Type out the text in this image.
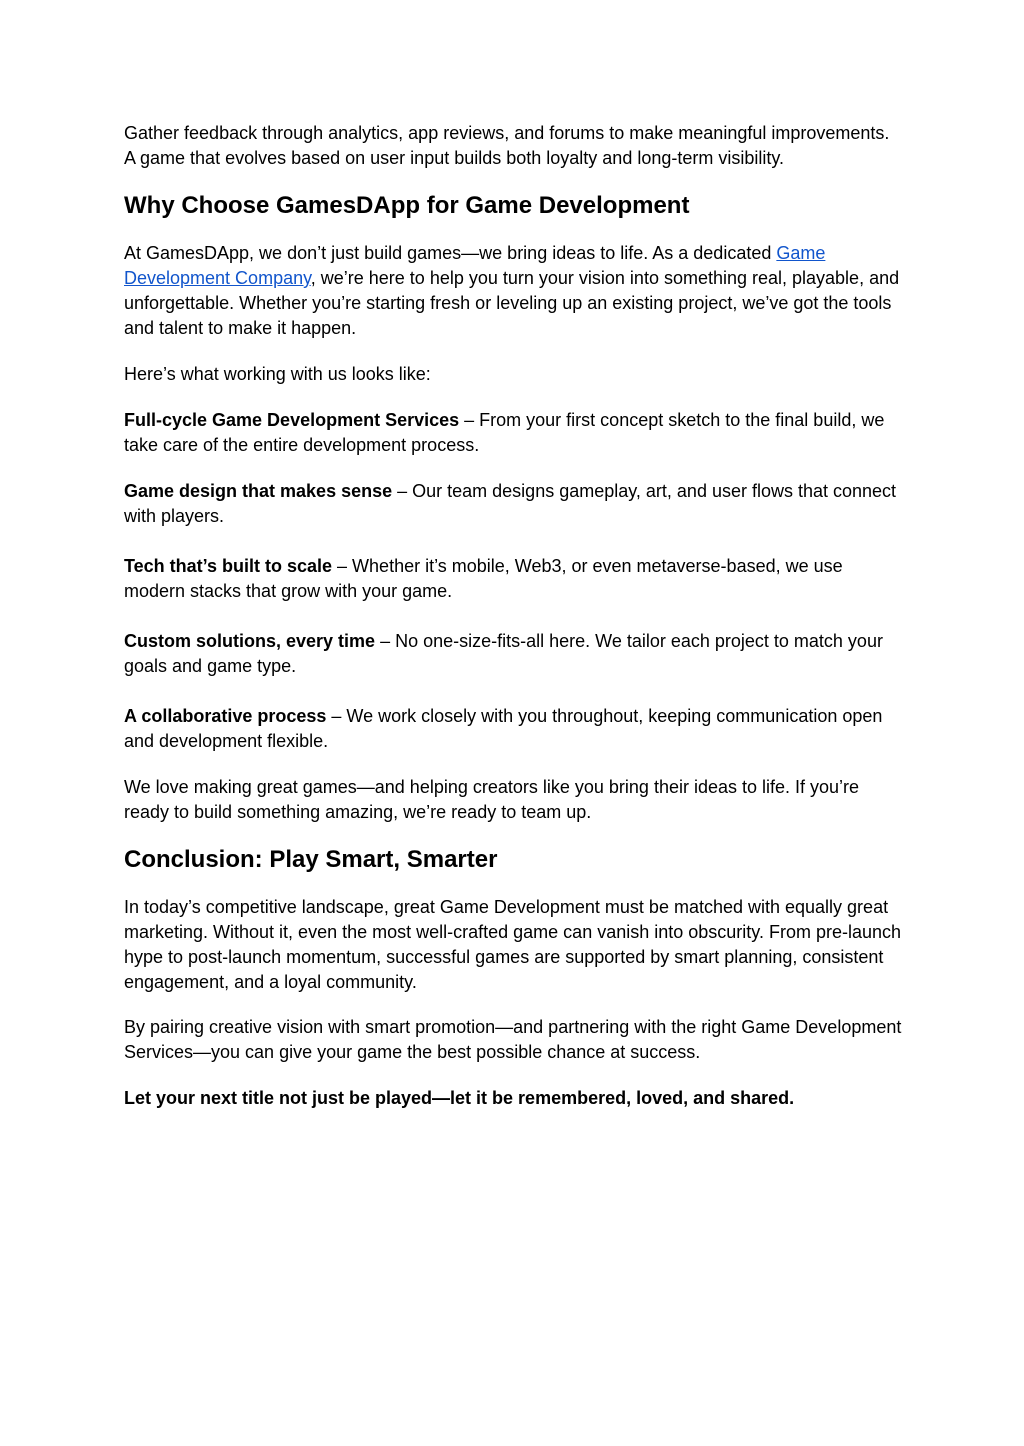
Gather feedback through analytics, app reviews, and forums to make meaningful improvements. A game that evolves based on user input builds both loyalty and long-term visibility.

Why Choose GamesDApp for Game Development

At GamesDApp, we don’t just build games—we bring ideas to life. As a dedicated Game Development Company, we’re here to help you turn your vision into something real, playable, and unforgettable. Whether you’re starting fresh or leveling up an existing project, we’ve got the tools and talent to make it happen.

Here’s what working with us looks like:

Full-cycle Game Development Services – From your first concept sketch to the final build, we take care of the entire development process.

Game design that makes sense – Our team designs gameplay, art, and user flows that connect with players.

Tech that’s built to scale – Whether it’s mobile, Web3, or even metaverse-based, we use modern stacks that grow with your game.

Custom solutions, every time – No one-size-fits-all here. We tailor each project to match your goals and game type.

A collaborative process – We work closely with you throughout, keeping communication open and development flexible.

We love making great games—and helping creators like you bring their ideas to life. If you’re ready to build something amazing, we’re ready to team up.

Conclusion: Play Smart, Smarter

In today’s competitive landscape, great Game Development must be matched with equally great marketing. Without it, even the most well-crafted game can vanish into obscurity. From pre-launch hype to post-launch momentum, successful games are supported by smart planning, consistent engagement, and a loyal community.

By pairing creative vision with smart promotion—and partnering with the right Game Development Services—you can give your game the best possible chance at success.

Let your next title not just be played—let it be remembered, loved, and shared.
